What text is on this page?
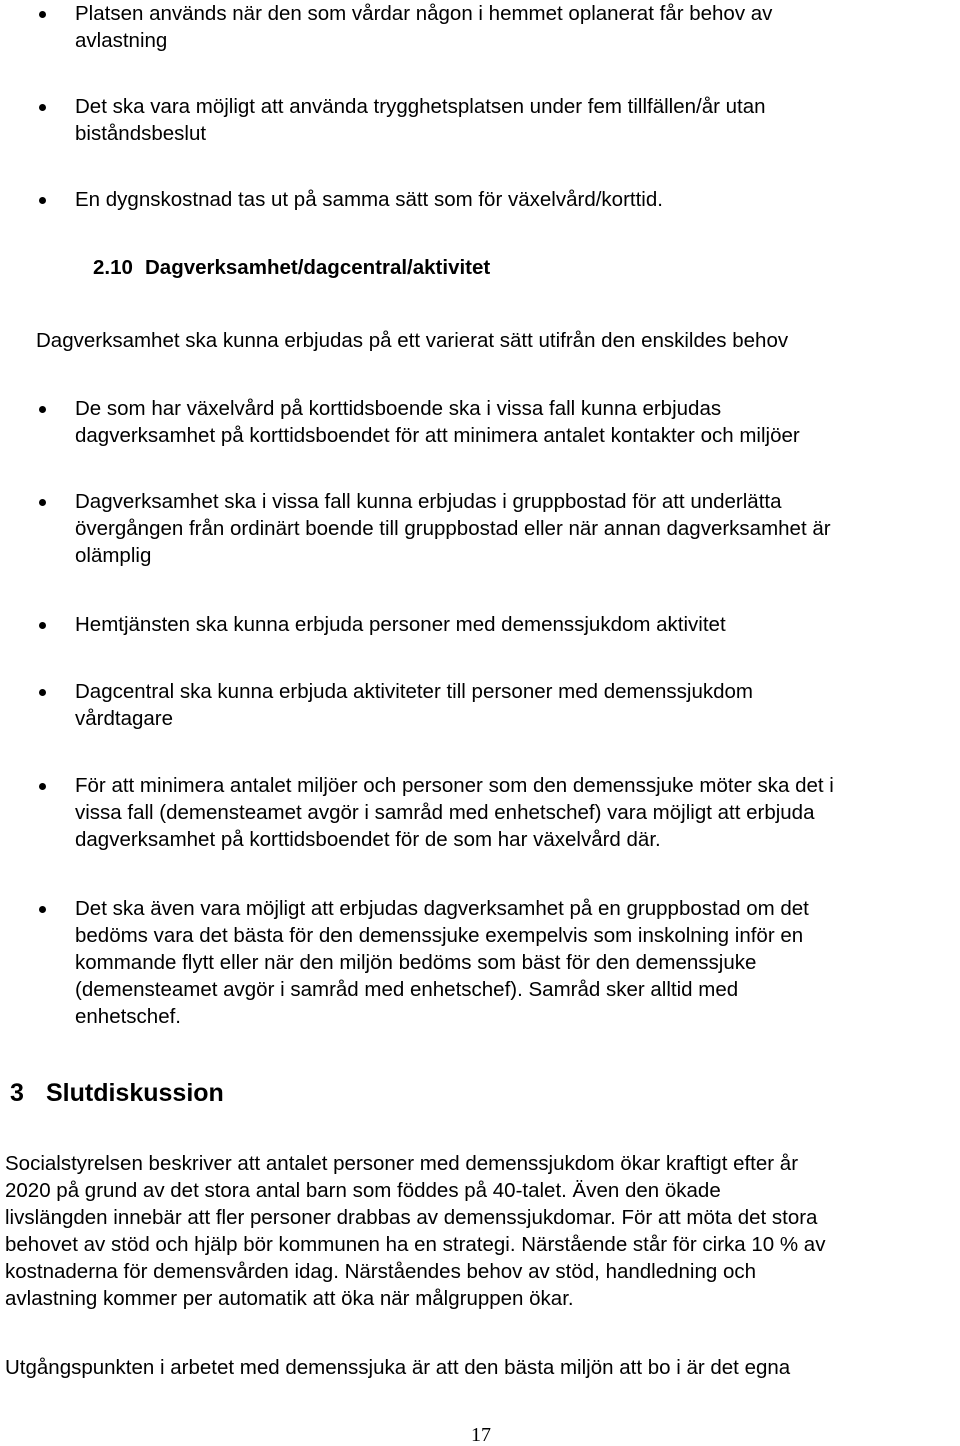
Platsen används när den som vårdar någon i hemmet oplanerat får behov av
avlastning
Det ska vara möjligt att använda trygghetsplatsen under fem tillfällen/år utan
biståndsbeslut
En dygnskostnad tas ut på samma sätt som för växelvård/korttid.
2.10 Dagverksamhet/dagcentral/aktivitet
Dagverksamhet ska kunna erbjudas på ett varierat sätt utifrån den enskildes behov
De som har växelvård på korttidsboende ska i vissa fall kunna erbjudas
dagverksamhet på korttidsboendet för att minimera antalet kontakter och miljöer
Dagverksamhet ska i vissa fall kunna erbjudas i gruppbostad för att underlätta
övergången från ordinärt boende till gruppbostad eller när annan dagverksamhet är
olämplig
Hemtjänsten ska kunna erbjuda personer med demenssjukdom aktivitet
Dagcentral ska kunna erbjuda aktiviteter till personer med demenssjukdom
vårdtagare
För att minimera antalet miljöer och personer som den demenssjuke möter ska det i
vissa fall (demensteamet avgör i samråd med enhetschef) vara möjligt att erbjuda
dagverksamhet på korttidsboendet för de som har växelvård där.
Det ska även vara möjligt att erbjudas dagverksamhet på en gruppbostad om det
bedöms vara det bästa för den demenssjuke exempelvis som inskolning inför en
kommande flytt eller när den miljön bedöms som bäst för den demenssjuke
(demensteamet avgör i samråd med enhetschef). Samråd sker alltid med
enhetschef.
3 Slutdiskussion
Socialstyrelsen beskriver att antalet personer med demenssjukdom ökar kraftigt efter år
2020 på grund av det stora antal barn som föddes på 40-talet. Även den ökade
livslängden innebär att fler personer drabbas av demenssjukdomar. För att möta det stora
behovet av stöd och hjälp bör kommunen ha en strategi. Närstående står för cirka 10 % av
kostnaderna för demensvården idag. Närståendes behov av stöd, handledning och
avlastning kommer per automatik att öka när målgruppen ökar.
Utgångspunkten i arbetet med demenssjuka är att den bästa miljön att bo i är det egna
17
